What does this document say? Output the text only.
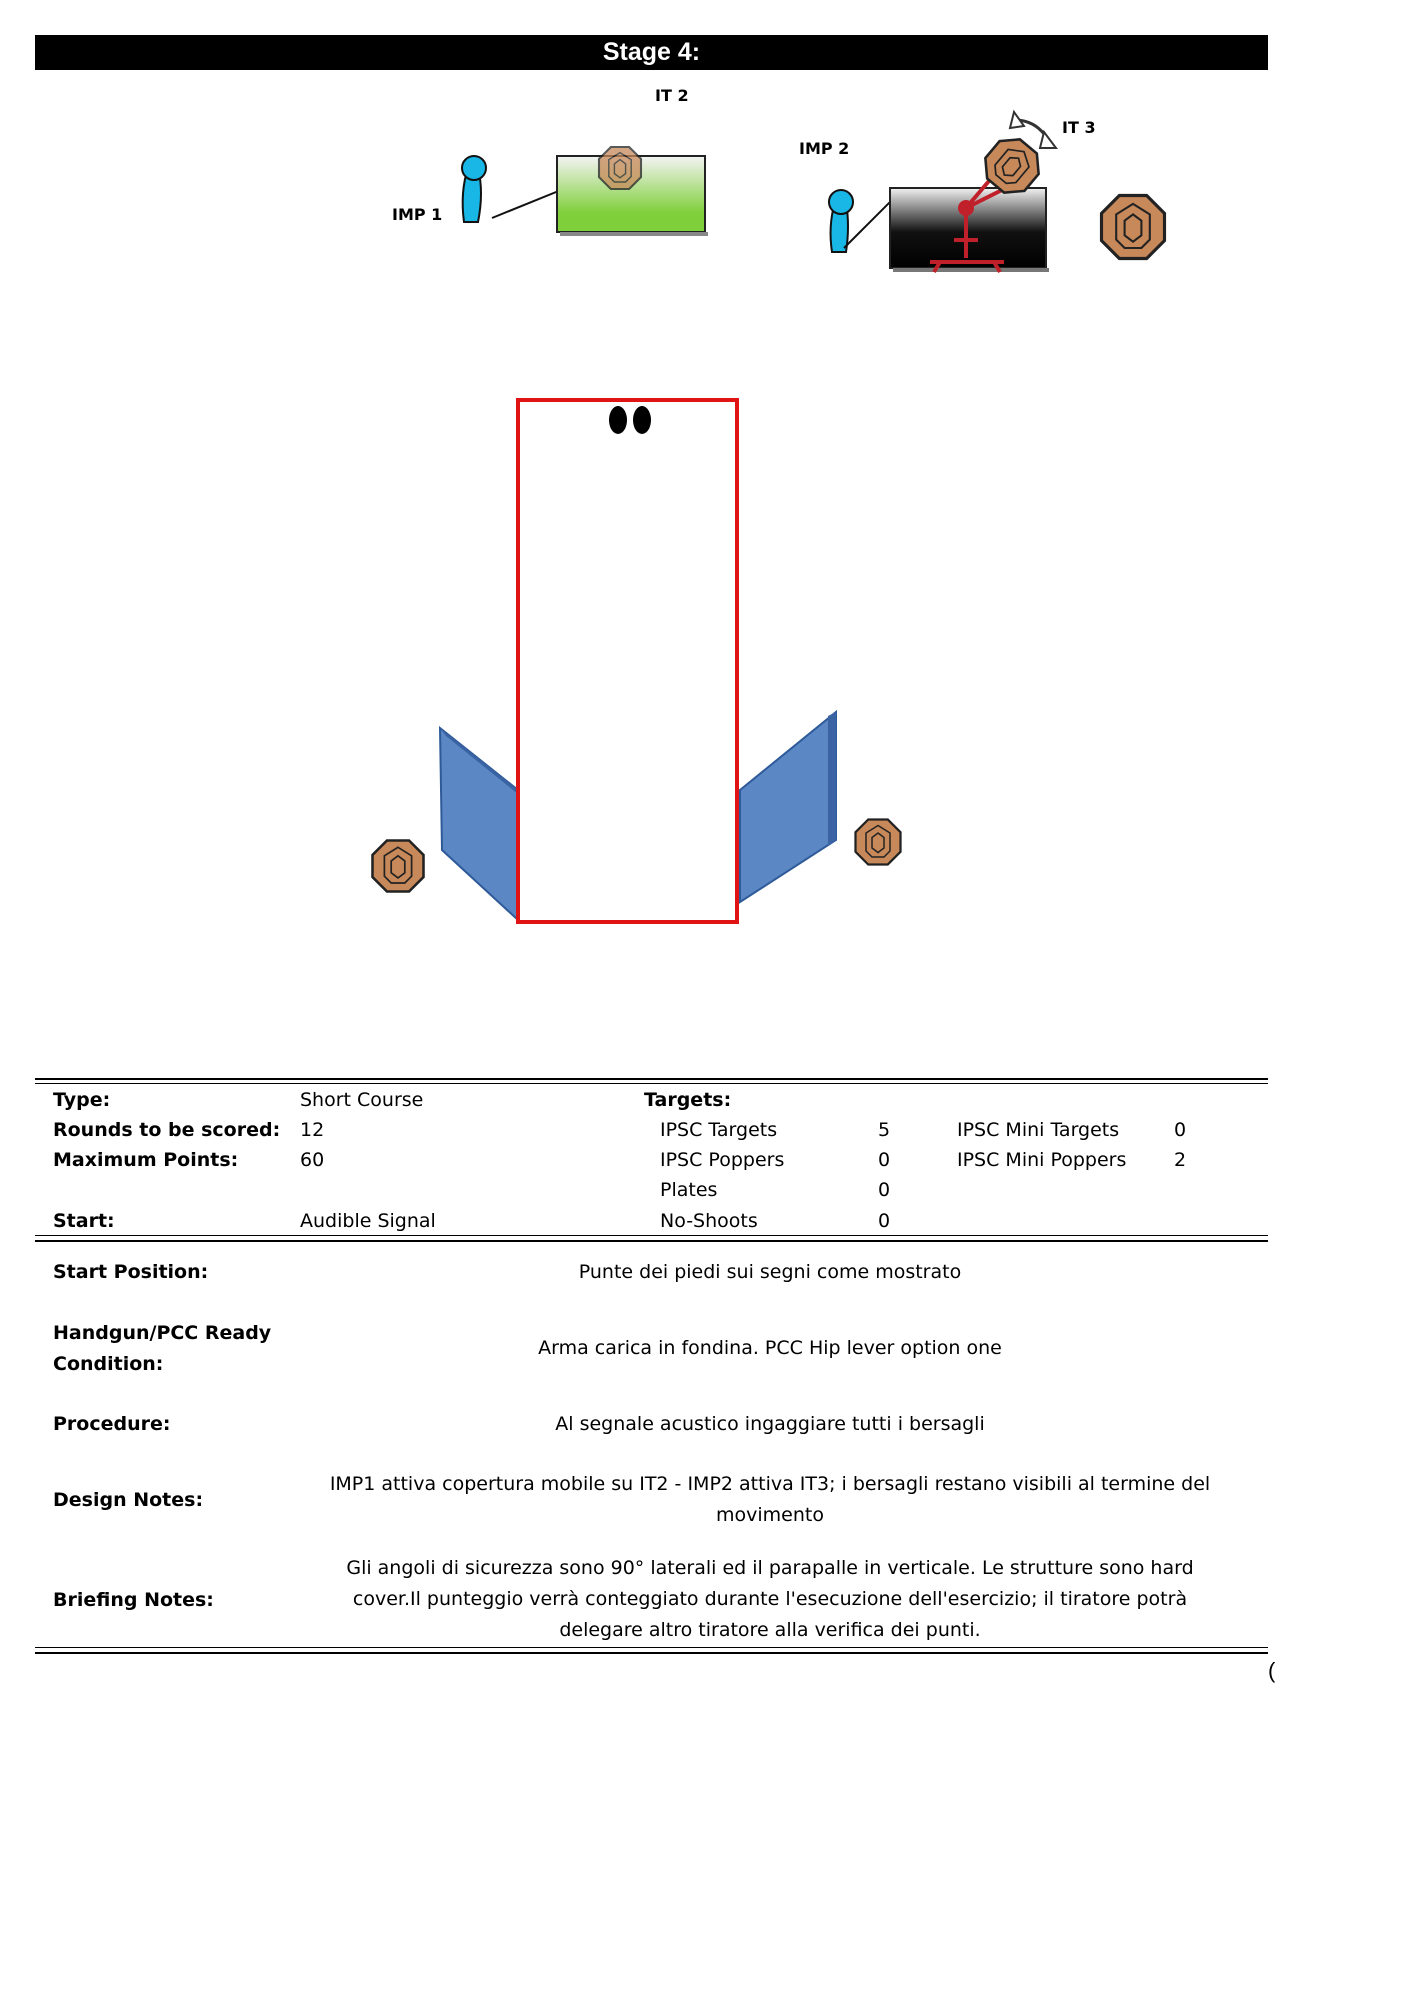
Stage 4:
IT 2
IMP 1
IT 3
IMP 2
Type:	Short Course
Rounds to be scored: 12
Maximum Points:	60
Start:	Audible Signal
Targets:
IPSC Targets	5
IPSC Poppers	0
Plates	0
No-Shoots	0
IPSC Mini Targets	0
IPSC Mini Poppers	2
Start Position:	Punte dei piedi sui segni come mostrato
Handgun/PCC Ready Condition:
Arma carica in fondina. PCC Hip lever option one
Procedure:	Al segnale acustico ingaggiare tutti i bersagli
Design Notes:
IMP1 attiva copertura mobile su IT2 - IMP2 attiva IT3; i bersagli restano visibili al termine del movimento
Briefing Notes:
Gli angoli di sicurezza sono 90° laterali ed il parapalle in verticale. Le strutture sono hard cover.Il punteggio verrà conteggiato durante l'esecuzione dell'esercizio; il tiratore potrà delegare altro tiratore alla verifica dei punti.
(
